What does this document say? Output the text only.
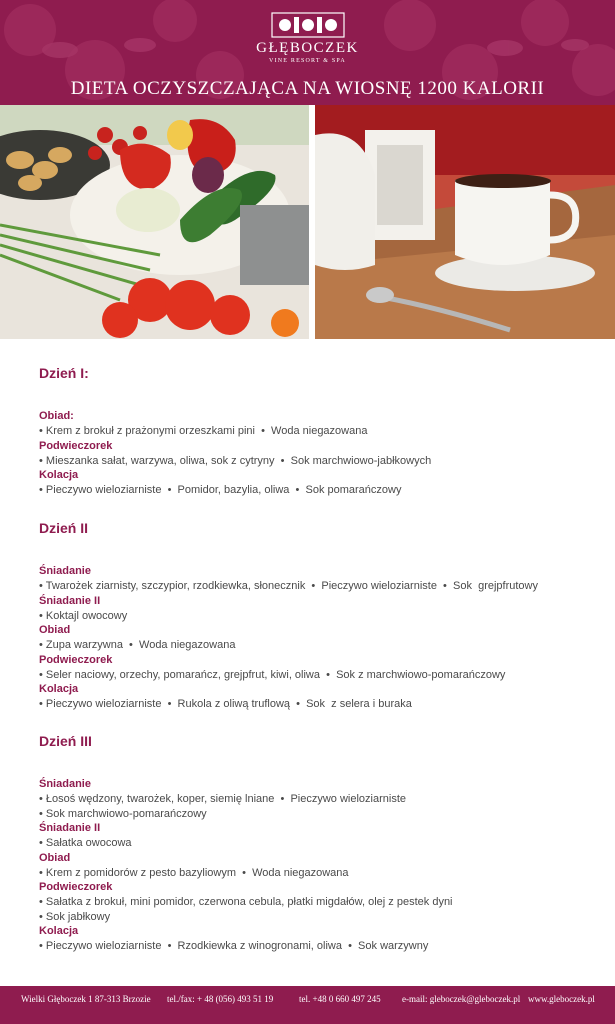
GŁĘBOCZEK
VINE RESORT & SPA
DIETA OCZYSZCZAJĄCA NA WIOSNĘ 1200 KALORII
Dzień I:
Obiad:
• Krem z brokuł z prażonymi orzeszkami pini  •  Woda niegazowana
Podwieczorek
• Mieszanka sałat, warzywa, oliwa, sok z cytryny  •  Sok marchwiowo-jabłkowych
Kolacja
• Pieczywo wieloziarniste  •  Pomidor, bazylia, oliwa  •  Sok pomarańczowy
Dzień II
Śniadanie
• Twarożek ziarnisty, szczypior, rzodkiewka, słonecznik  •  Pieczywo wieloziarniste  •  Sok  grejpfrutowy
Śniadanie II
• Koktajl owocowy
Obiad
• Zupa warzywna  •  Woda niegazowana
Podwieczorek
• Seler naciowy, orzechy, pomarańcz, grejpfrut, kiwi, oliwa  •  Sok z marchwiowo-pomarańczowy
Kolacja
• Pieczywo wieloziarniste  •  Rukola z oliwą truflową  •  Sok  z selera i buraka
Dzień III
Śniadanie
• Łosoś wędzony, twarożek, koper, siemię lniane  •  Pieczywo wieloziarniste
• Sok marchwiowo-pomarańczowy
Śniadanie II
• Sałatka owocowa
Obiad
• Krem z pomidorów z pesto bazyliowym  •  Woda niegazowana
Podwieczorek
• Sałatka z brokuł, mini pomidor, czerwona cebula, płatki migdałów, olej z pestek dyni
• Sok jabłkowy
Kolacja
• Pieczywo wieloziarniste  •  Rzodkiewka z winogronami, oliwa  •  Sok warzywny
Wielki Głęboczek 1 87-313 Brzozie tel./fax: + 48 (056) 493 51 19	tel. +48 0 660 497 245 e-mail: gleboczek@gleboczek.pl www.gleboczek.pl
